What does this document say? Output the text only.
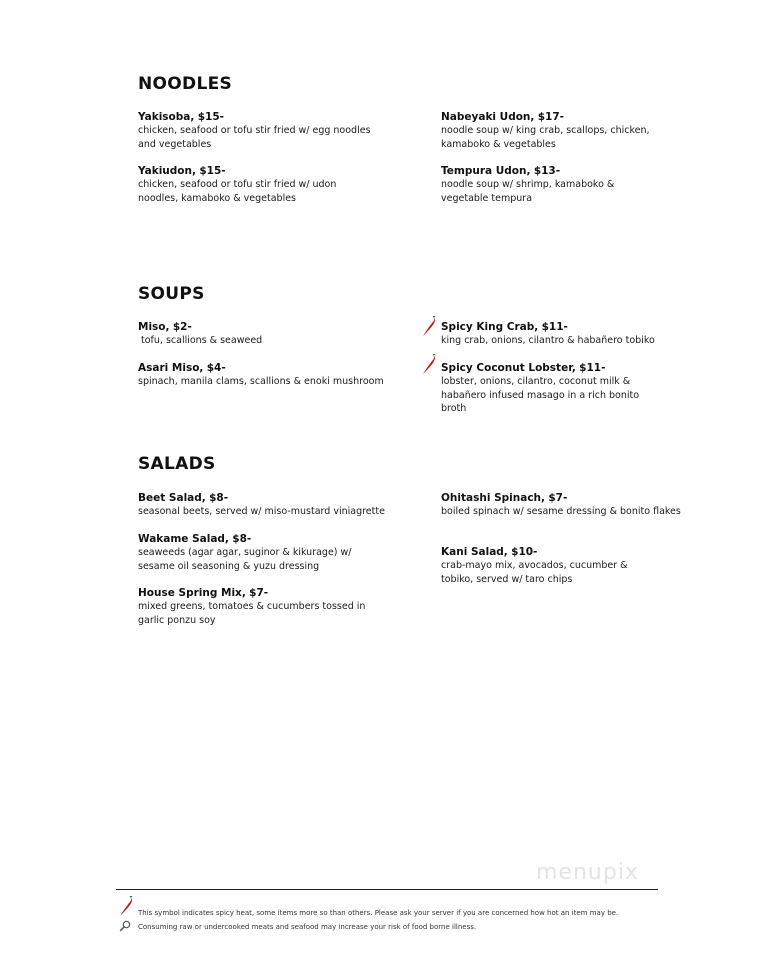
NOODLES
Yakisoba, $15-
chicken, seafood or tofu stir fried w/ egg noodles and vegetables
Yakiudon, $15-
chicken, seafood or tofu stir fried w/ udon noodles, kamaboko & vegetables
Nabeyaki Udon, $17-
noodle soup w/ king crab, scallops, chicken, kamaboko & vegetables
Tempura Udon, $13-
noodle soup w/ shrimp, kamaboko & vegetable tempura
SOUPS
Miso, $2-
tofu, scallions & seaweed
Asari Miso, $4-
spinach, manila clams, scallions & enoki mushroom
Spicy King Crab, $11-
king crab, onions, cilantro & habañero tobiko
Spicy Coconut Lobster, $11-
lobster, onions, cilantro, coconut milk & habañero infused masago in a rich bonito broth
SALADS
Beet Salad, $8-
seasonal beets, served w/ miso-mustard viniagrette
Wakame Salad, $8-
seaweeds (agar agar, suginor & kikurage) w/ sesame oil seasoning & yuzu dressing
House Spring Mix, $7-
mixed greens, tomatoes & cucumbers tossed in garlic ponzu soy
Ohitashi Spinach, $7-
boiled spinach w/ sesame dressing & bonito flakes
Kani Salad, $10-
crab-mayo mix, avocados, cucumber & tobiko, served w/ taro chips
menupix
This symbol indicates spicy heat, some items more so than others. Please ask your server if you are concerned how hot an item may be.
Consuming raw or undercooked meats and seafood may increase your risk of food borne illness.
